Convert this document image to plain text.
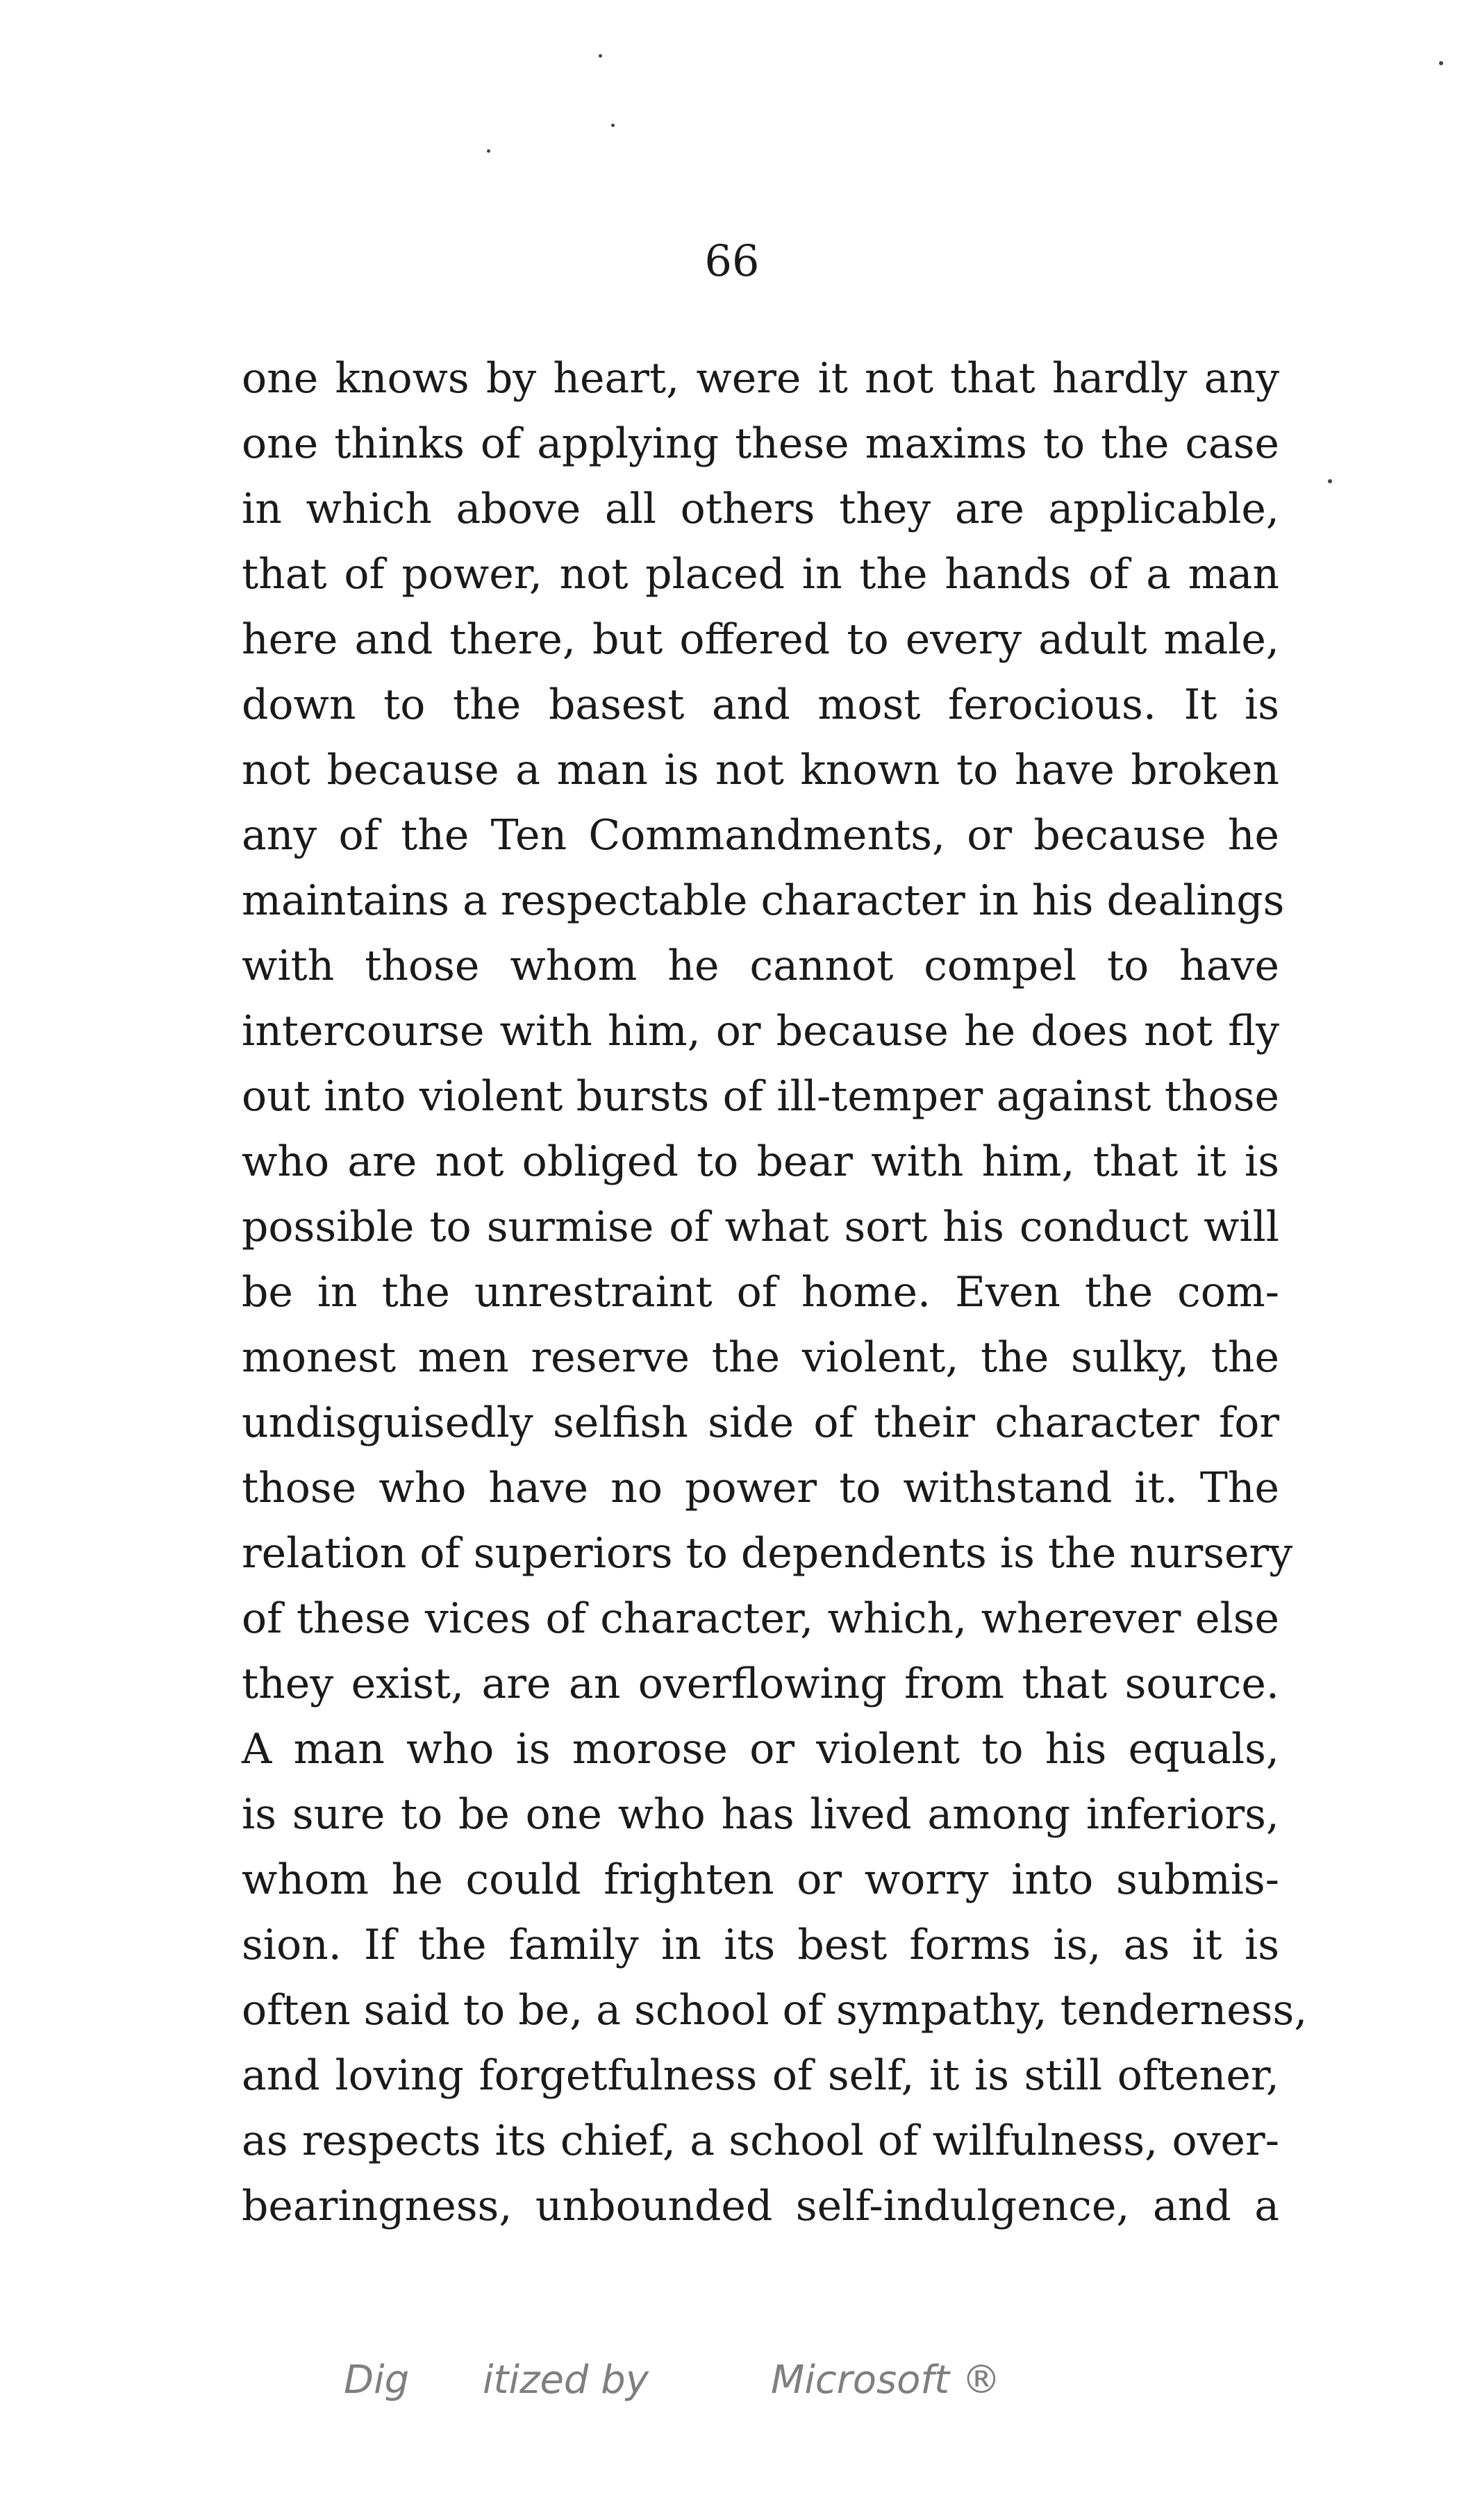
66
one knows by heart, were it not that hardly any
one thinks of applying these maxims to the case
in which above all others they are applicable,
that of power, not placed in the hands of a man
here and there, but offered to every adult male,
down to the basest and most ferocious. It is
not because a man is not known to have broken
any of the Ten Commandments, or because he
maintains a respectable character in his dealings
with those whom he cannot compel to have
intercourse with him, or because he does not fly
out into violent bursts of ill-temper against those
who are not obliged to bear with him, that it is
possible to surmise of what sort his conduct will
be in the unrestraint of home. Even the com-
monest men reserve the violent, the sulky, the
undisguisedly selfish side of their character for
those who have no power to withstand it. The
relation of superiors to dependents is the nursery
of these vices of character, which, wherever else
they exist, are an overflowing from that source.
A man who is morose or violent to his equals,
is sure to be one who has lived among inferiors,
whom he could frighten or worry into submis-
sion. If the family in its best forms is, as it is
often said to be, a school of sympathy, tenderness,
and loving forgetfulness of self, it is still oftener,
as respects its chief, a school of wilfulness, over-
bearingness, unbounded self-indulgence, and a
Dig itized by	Microsoft ®
